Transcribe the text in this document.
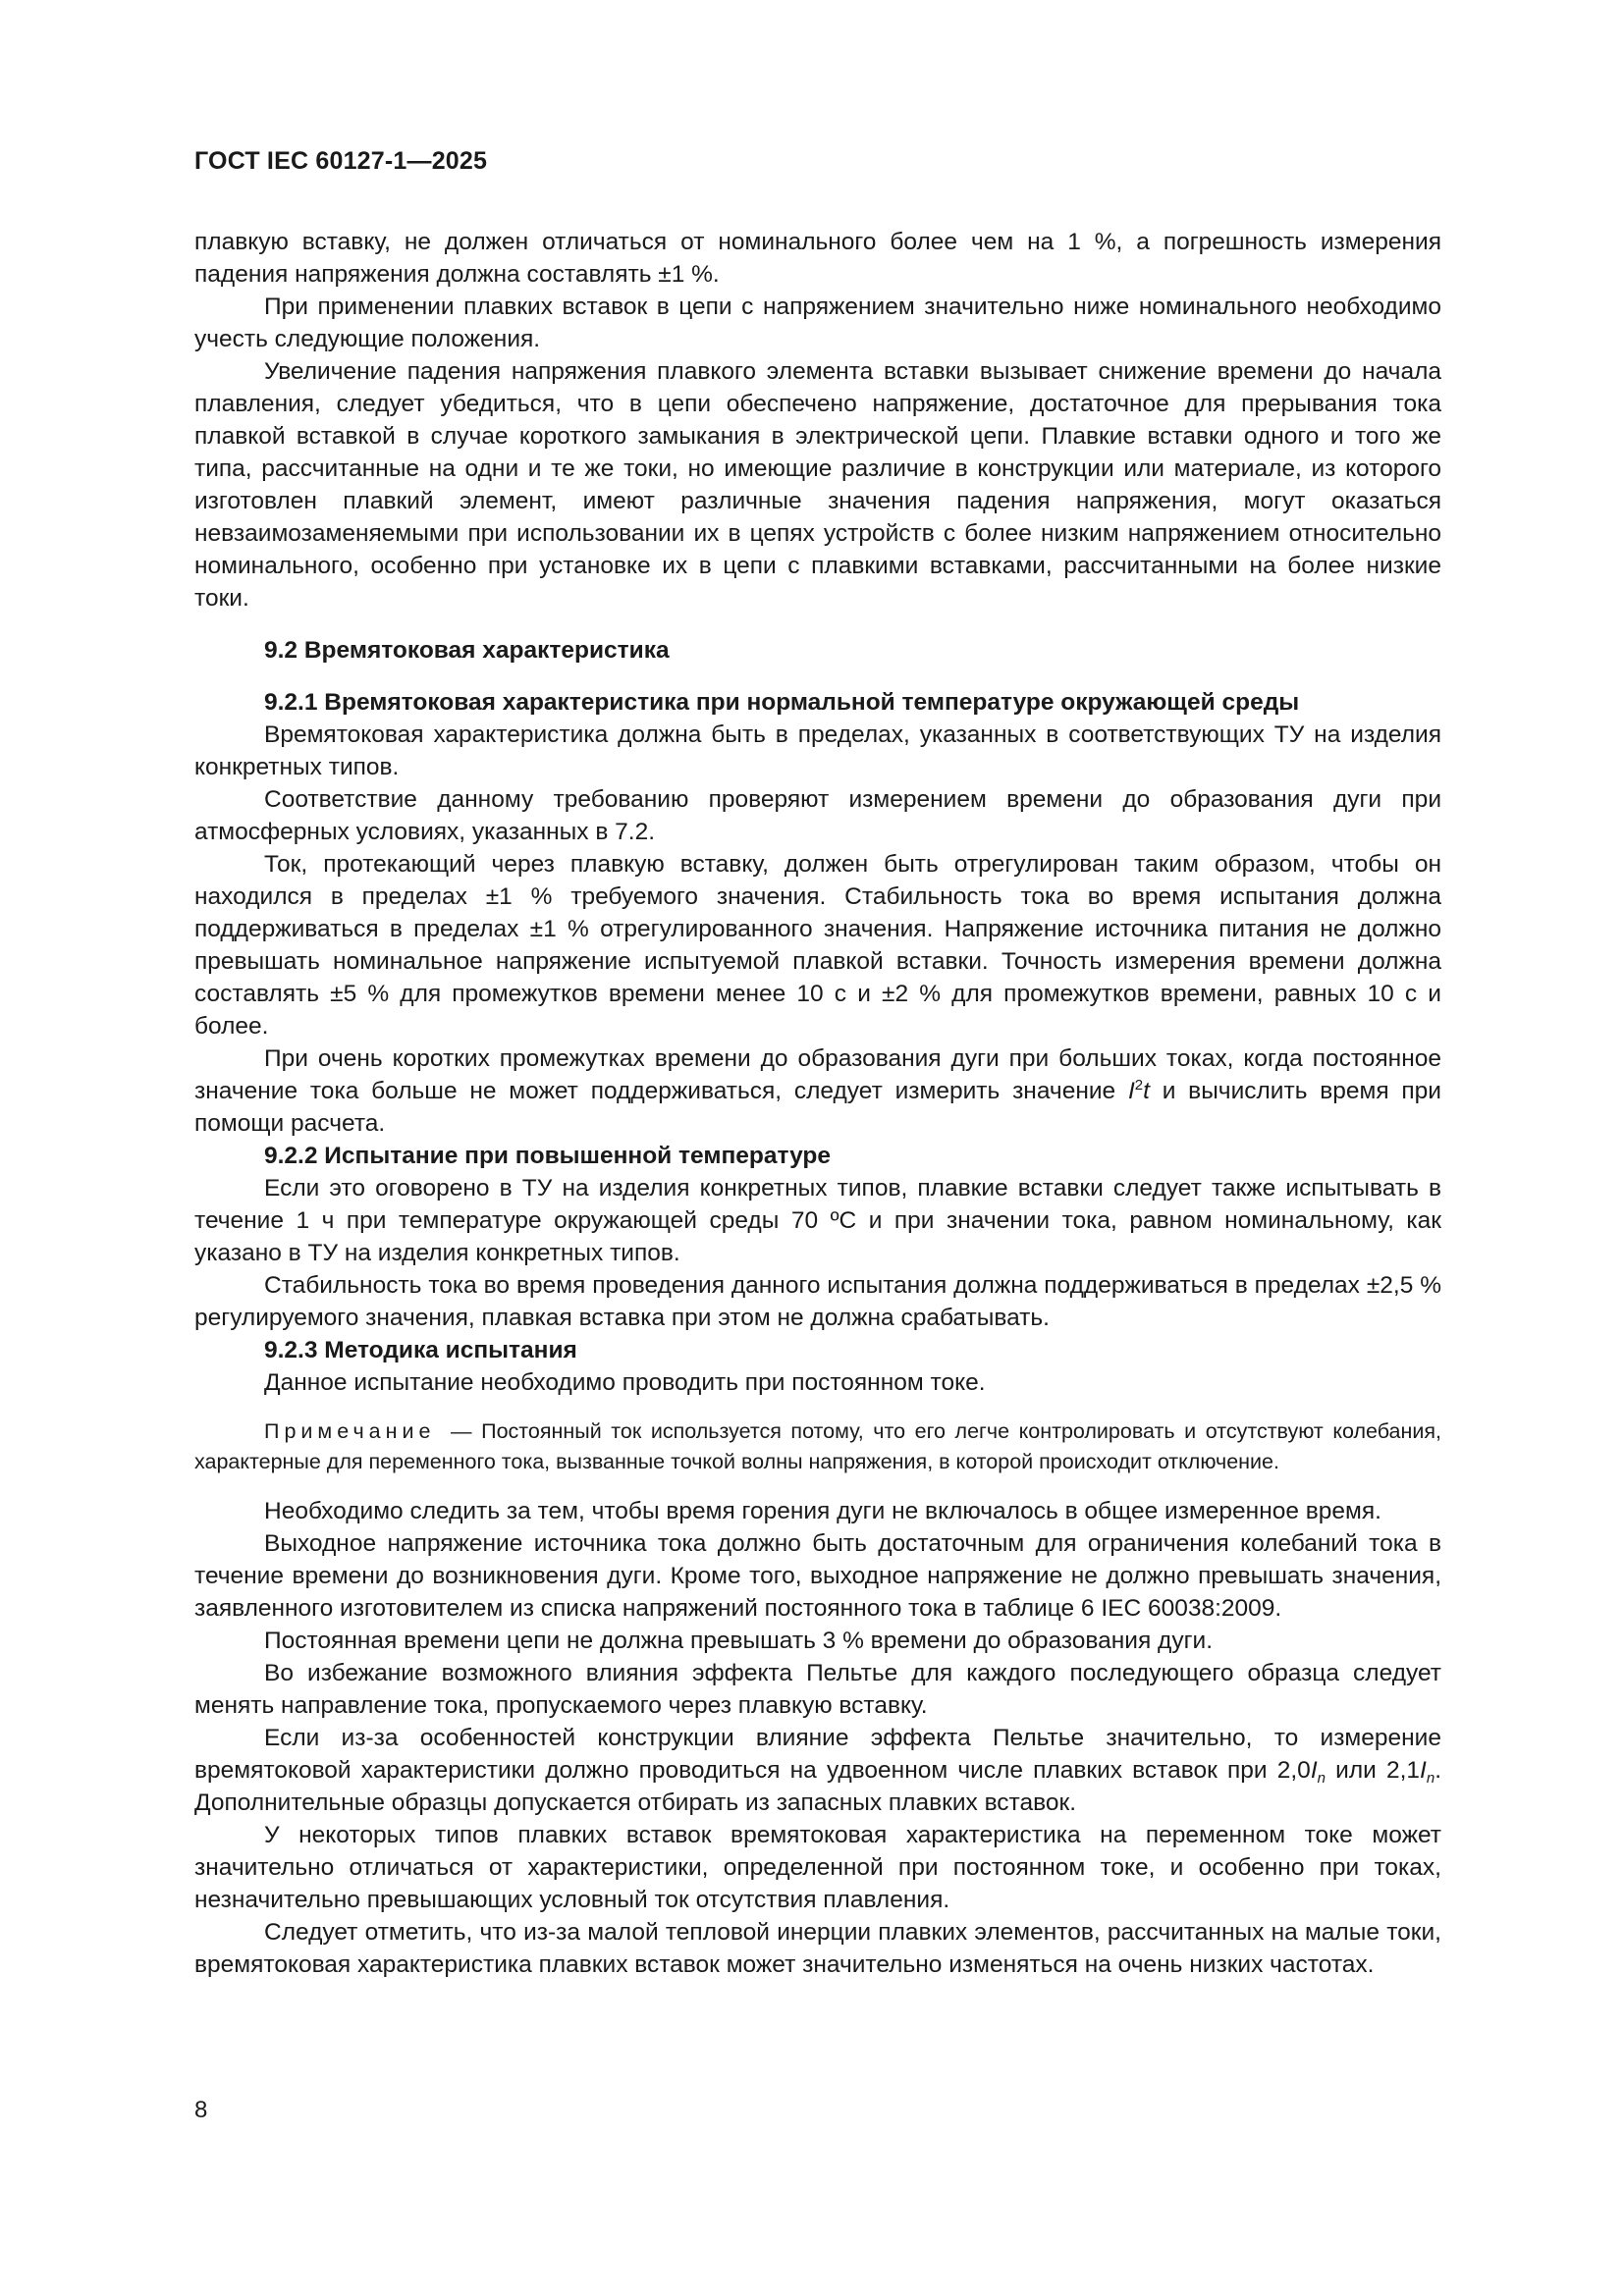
ГОСТ IEC 60127-1—2025

плавкую вставку, не должен отличаться от номинального более чем на 1 %, а погрешность измерения падения напряжения должна составлять ±1 %.

При применении плавких вставок в цепи с напряжением значительно ниже номинального необходимо учесть следующие положения.

Увеличение падения напряжения плавкого элемента вставки вызывает снижение времени до начала плавления, следует убедиться, что в цепи обеспечено напряжение, достаточное для прерывания тока плавкой вставкой в случае короткого замыкания в электрической цепи. Плавкие вставки одного и того же типа, рассчитанные на одни и те же токи, но имеющие различие в конструкции или материале, из которого изготовлен плавкий элемент, имеют различные значения падения напряжения, могут оказаться невзаимозаменяемыми при использовании их в цепях устройств с более низким напряжением относительно номинального, особенно при установке их в цепи с плавкими вставками, рассчитанными на более низкие токи.

9.2 Времятоковая характеристика
9.2.1 Времятоковая характеристика при нормальной температуре окружающей среды

Времятоковая характеристика должна быть в пределах, указанных в соответствующих ТУ на изделия конкретных типов.

Соответствие данному требованию проверяют измерением времени до образования дуги при атмосферных условиях, указанных в 7.2.

Ток, протекающий через плавкую вставку, должен быть отрегулирован таким образом, чтобы он находился в пределах ±1 % требуемого значения. Стабильность тока во время испытания должна поддерживаться в пределах ±1 % отрегулированного значения. Напряжение источника питания не должно превышать номинальное напряжение испытуемой плавкой вставки. Точность измерения времени должна составлять ±5 % для промежутков времени менее 10 с и ±2 % для промежутков времени, равных 10 с и более.

При очень коротких промежутках времени до образования дуги при больших токах, когда постоянное значение тока больше не может поддерживаться, следует измерить значение $I^2t$ и вычислить время при помощи расчета.

9.2.2 Испытание при повышенной температуре

Если это оговорено в ТУ на изделия конкретных типов, плавкие вставки следует также испытывать в течение 1 ч при температуре окружающей среды 70 ºС и при значении тока, равном номинальному, как указано в ТУ на изделия конкретных типов.

Стабильность тока во время проведения данного испытания должна поддерживаться в пределах ±2,5 % регулируемого значения, плавкая вставка при этом не должна срабатывать.

9.2.3 Методика испытания

Данное испытание необходимо проводить при постоянном токе.

Примечание — Постоянный ток используется потому, что его легче контролировать и отсутствуют колебания, характерные для переменного тока, вызванные точкой волны напряжения, в которой происходит отключение.

Необходимо следить за тем, чтобы время горения дуги не включалось в общее измеренное время.

Выходное напряжение источника тока должно быть достаточным для ограничения колебаний тока в течение времени до возникновения дуги. Кроме того, выходное напряжение не должно превышать значения, заявленного изготовителем из списка напряжений постоянного тока в таблице 6 IEC 60038:2009.

Постоянная времени цепи не должна превышать 3 % времени до образования дуги.

Во избежание возможного влияния эффекта Пельтье для каждого последующего образца следует менять направление тока, пропускаемого через плавкую вставку.

Если из-за особенностей конструкции влияние эффекта Пельтье значительно, то измерение времятоковой характеристики должно проводиться на удвоенном числе плавких вставок при $2,0I_n$ или $2,1I_n$. Дополнительные образцы допускается отбирать из запасных плавких вставок.

У некоторых типов плавких вставок времятоковая характеристика на переменном токе может значительно отличаться от характеристики, определенной при постоянном токе, и особенно при токах, незначительно превышающих условный ток отсутствия плавления.

Следует отметить, что из-за малой тепловой инерции плавких элементов, рассчитанных на малые токи, времятоковая характеристика плавких вставок может значительно изменяться на очень низких частотах.

8
